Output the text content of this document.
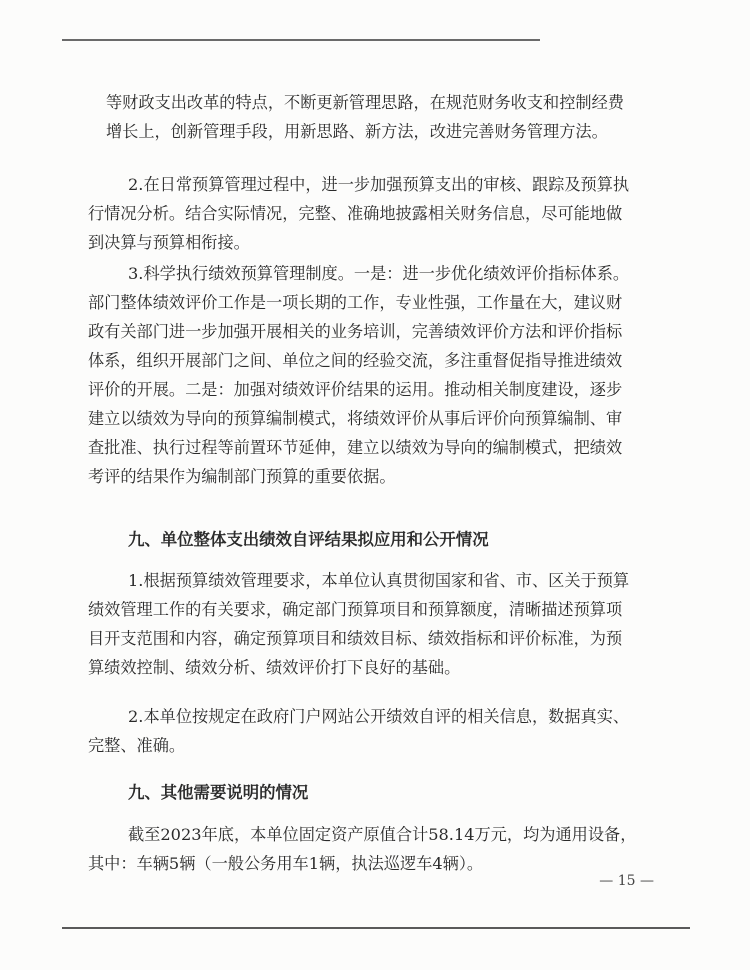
等财政支出改革的特点，不断更新管理思路，在规范财务收支和控制经费
增长上，创新管理手段，用新思路、新方法，改进完善财务管理方法。
2.在日常预算管理过程中，进一步加强预算支出的审核、跟踪及预算执
行情况分析。结合实际情况，完整、准确地披露相关财务信息，尽可能地做
到决算与预算相衔接。
3.科学执行绩效预算管理制度。一是：进一步优化绩效评价指标体系。
部门整体绩效评价工作是一项长期的工作，专业性强，工作量在大，建议财
政有关部门进一步加强开展相关的业务培训，完善绩效评价方法和评价指标
体系，组织开展部门之间、单位之间的经验交流，多注重督促指导推进绩效
评价的开展。二是：加强对绩效评价结果的运用。推动相关制度建设，逐步
建立以绩效为导向的预算编制模式，将绩效评价从事后评价向预算编制、审
查批准、执行过程等前置环节延伸，建立以绩效为导向的编制模式，把绩效
考评的结果作为编制部门预算的重要依据。
九、单位整体支出绩效自评结果拟应用和公开情况
1.根据预算绩效管理要求，本单位认真贯彻国家和省、市、区关于预算
绩效管理工作的有关要求，确定部门预算项目和预算额度，清晰描述预算项
目开支范围和内容，确定预算项目和绩效目标、绩效指标和评价标准，为预
算绩效控制、绩效分析、绩效评价打下良好的基础。
2.本单位按规定在政府门户网站公开绩效自评的相关信息，数据真实、
完整、准确。
九、其他需要说明的情况
截至2023年底，本单位固定资产原值合计58.14万元，均为通用设备，
其中：车辆5辆（一般公务用车1辆，执法巡逻车4辆）。
— 15 —
